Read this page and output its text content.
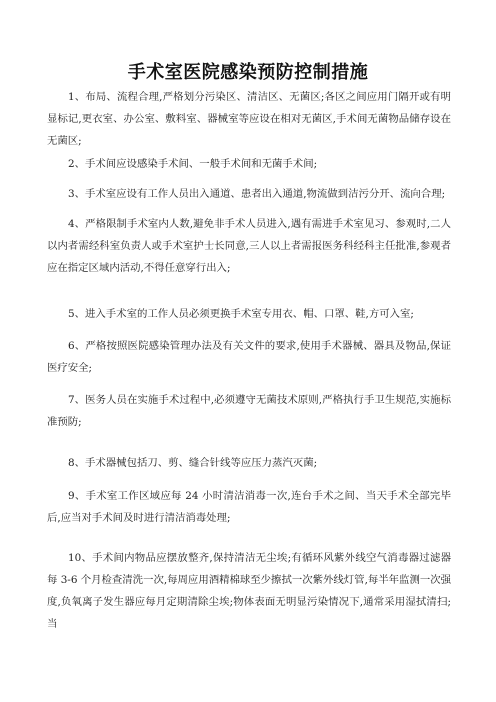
手术室医院感染预防控制措施

1、布局、流程合理,严格划分污染区、清洁区、无菌区;各区之间应用门隔开或有明显标记,更衣室、办公室、敷料室、器械室等应设在相对无菌区,手术间无菌物品储存设在无菌区;

2、手术间应设感染手术间、一般手术间和无菌手术间;

3、手术室应设有工作人员出入通道、患者出入通道,物流做到洁污分开、流向合理;

4、严格限制手术室内人数,避免非手术人员进入,遇有需进手术室见习、参观时,二人以内者需经科室负责人或手术室护士长同意,三人以上者需报医务科经科主任批准,参观者应在指定区域内活动,不得任意穿行出入;

5、进入手术室的工作人员必须更换手术室专用衣、帽、口罩、鞋,方可入室;

6、严格按照医院感染管理办法及有关文件的要求,使用手术器械、器具及物品,保证医疗安全;

7、医务人员在实施手术过程中,必须遵守无菌技术原则,严格执行手卫生规范,实施标准预防;

8、手术器械包括刀、剪、缝合针线等应压力蒸汽灭菌;

9、手术室工作区域应每 24 小时清洁消毒一次,连台手术之间、当天手术全部完毕后,应当对手术间及时进行清洁消毒处理;

10、手术间内物品应摆放整齐,保持清洁无尘埃;有循环风紫外线空气消毒器过滤器每 3-6 个月检查清洗一次,每周应用酒精棉球至少擦拭一次紫外线灯管,每半年监测一次强度,负氧离子发生器应每月定期清除尘埃;物体表面无明显污染情况下,通常采用湿拭清扫;当
